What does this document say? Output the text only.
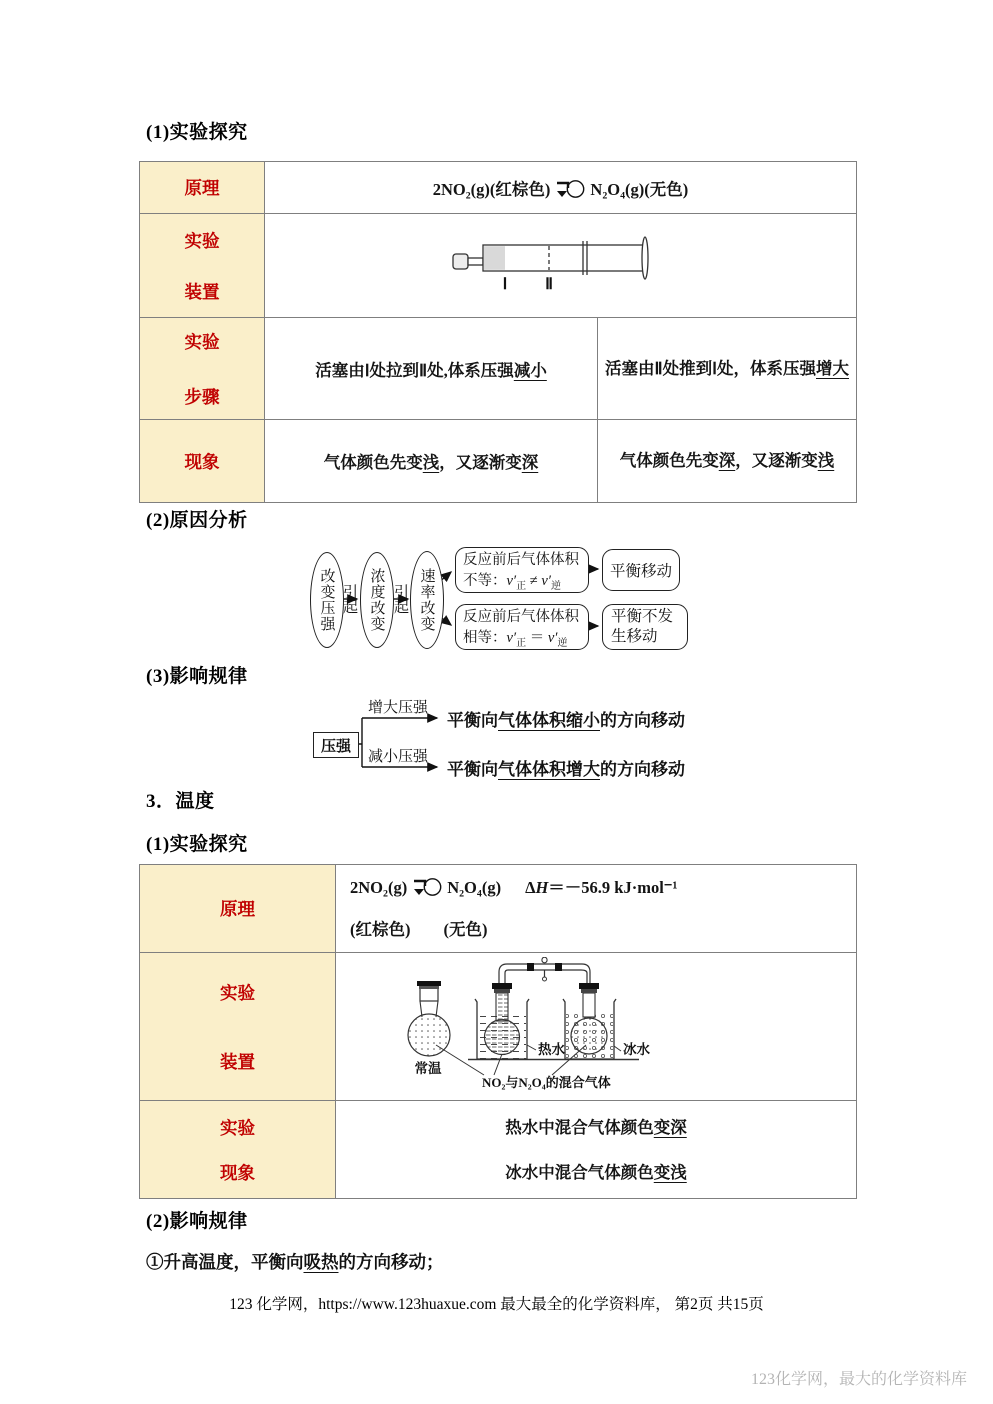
(1)实验探究
原理	2NO₂(g)(红棕色) N₂O₄(g)(无色)	

实验
装置	Ⅰ Ⅱ	

实验
步骤	活塞由Ⅰ处拉到Ⅱ处,体系压强减小	活塞由Ⅱ处推到Ⅰ处，体系压强增大
现象	气体颜色先变浅，又逐渐变深	气体颜色先变深，又逐渐变浅
(2)原因分析
改变压强 引起 浓度改变 引起 速率改变
反应前后气体体积
不等：$v'_正 \ne v'_逆$
平衡移动
反应前后气体体积
相等：$v'_正 = v'_逆$
平衡不发
生移动
(3)影响规律
压强
增大压强
平衡向气体体积缩小的方向移动
减小压强
平衡向气体体积增大的方向移动
3．温度
(1)实验探究
原理	2NO₂(g) N₂O₄(g) ΔH＝－56.9 kJ·mol⁻¹
(红棕色)　　(无色)

实验
装置	常温
热水 冰水
NO₂与N₂O₄的混合气体

实验
现象	热水中混合气体颜色变深
冰水中混合气体颜色变浅
(2)影响规律
①升高温度，平衡向吸热的方向移动；
123 化学网，https://www.123huaxue.com 最大最全的化学资料库， 第2页 共15页
123化学网，最大的化学资料库
